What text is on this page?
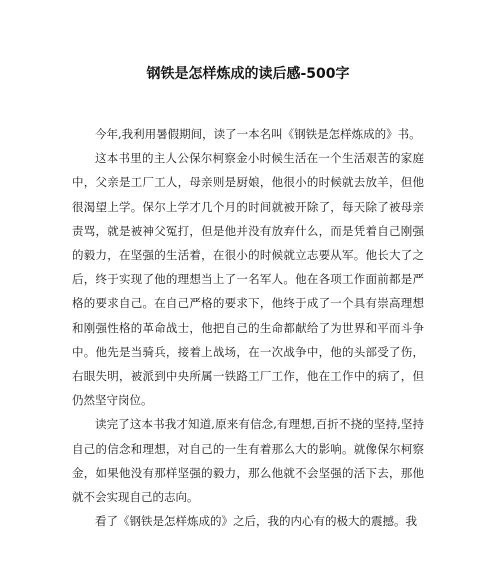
钢铁是怎样炼成的读后感-500字

今年,我利用暑假期间，读了一本名叫《钢铁是怎样炼成的》书。

这本书里的主人公保尔柯察金小时候生活在一个生活艰苦的家庭中，父亲是工厂工人，母亲则是厨娘，他很小的时候就去放羊，但他很渴望上学。保尔上学才几个月的时间就被开除了，每天除了被母亲责骂，就是被神父冤打，但是他并没有放弃什么，而是凭着自己刚强的毅力，在坚强的生活着，在很小的时候就立志要从军。他长大了之后，终于实现了他的理想当上了一名军人。他在各项工作面前都是严格的要求自己。在自己严格的要求下，他终于成了一个具有崇高理想和刚强性格的革命战士，他把自己的生命都献给了为世界和平而斗争中。他先是当骑兵，接着上战场，在一次战争中，他的头部受了伤，右眼失明，被派到中央所属一铁路工厂工作，他在工作中的病了，但仍然坚守岗位。

读完了这本书我才知道,原来有信念,有理想,百折不挠的坚持,坚持自己的信念和理想，对自己的一生有着那么大的影响。就像保尔柯察金，如果他没有那样坚强的毅力，那么他就不会坚强的活下去，那他就不会实现自己的志向。

看了《钢铁是怎样炼成的》之后，我的内心有的极大的震撼。我
